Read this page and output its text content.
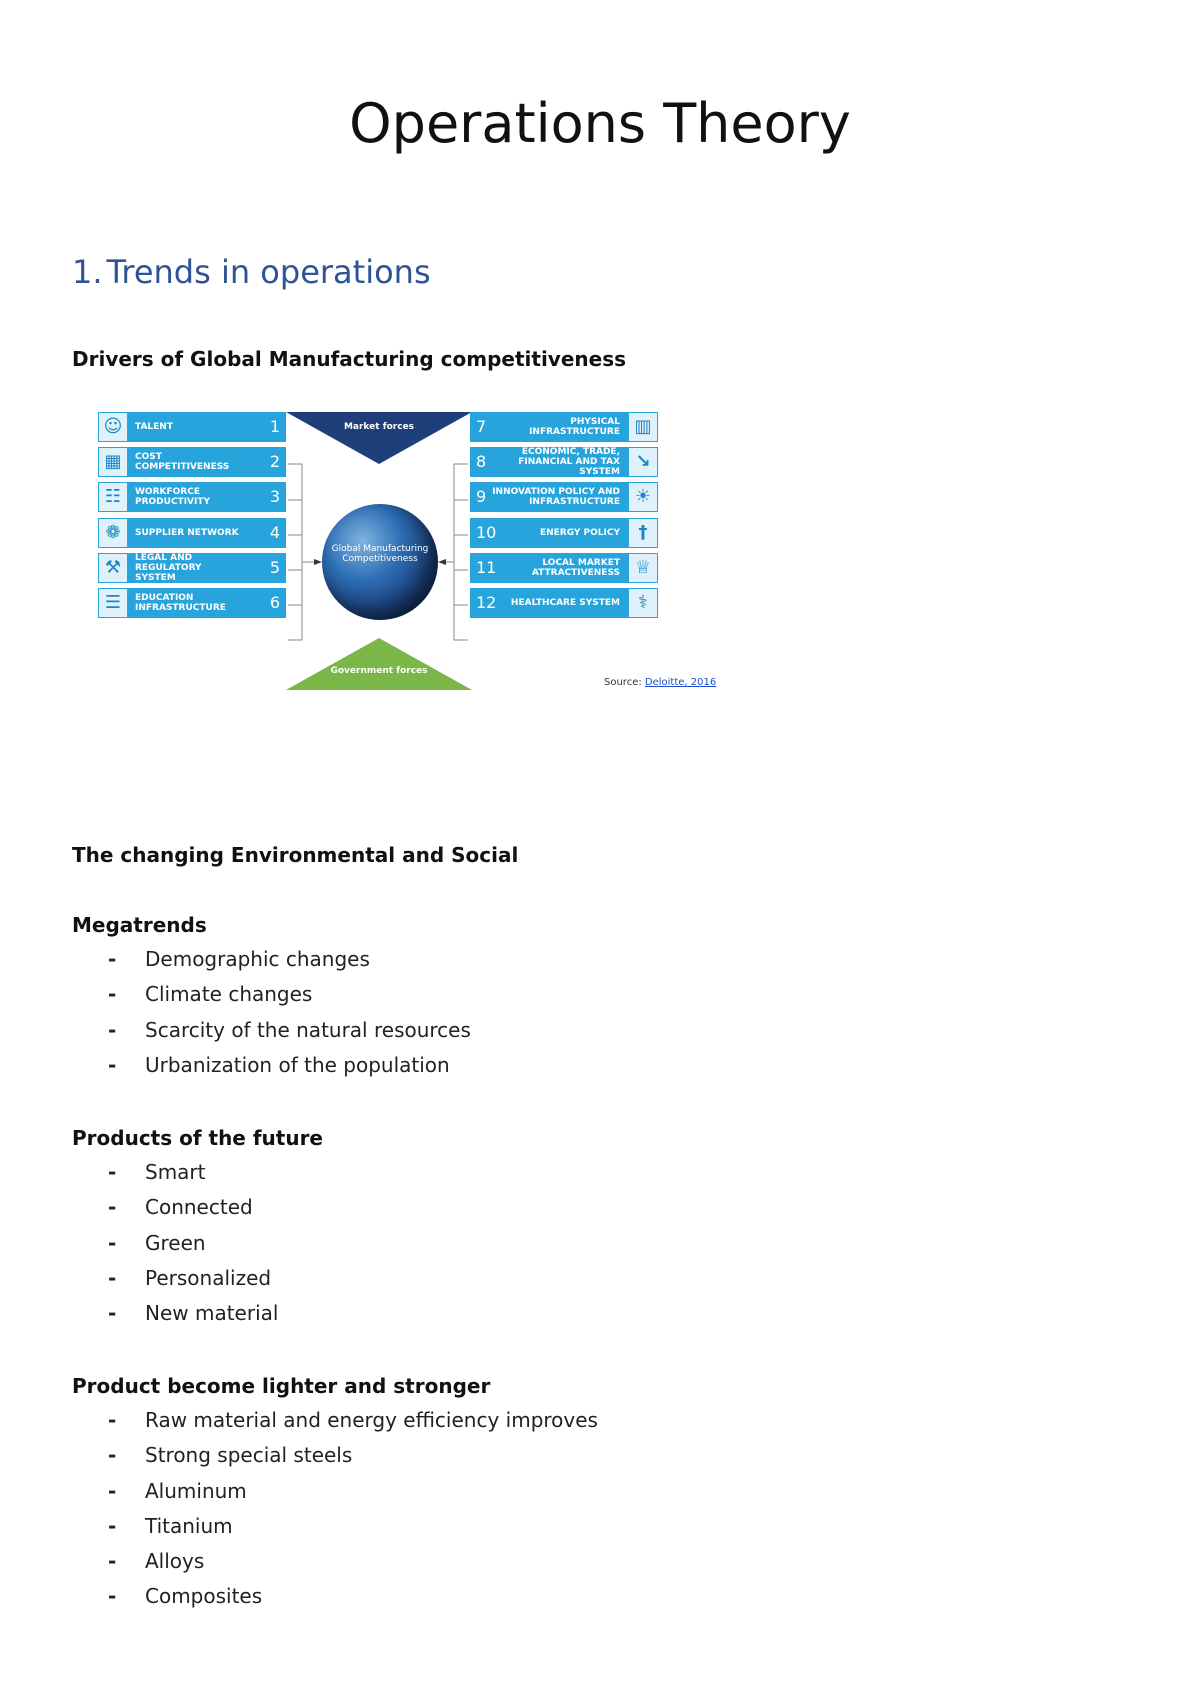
Operations Theory
1. Trends in operations
Drivers of Global Manufacturing competitiveness
Market forces
Government forces
Global Manufacturing
Competitiveness
☺	TALENT	1
▦	COST
COMPETITIVENESS	2
☷	WORKFORCE
PRODUCTIVITY	3
❁	SUPPLIER NETWORK	4
⚒	LEGAL AND REGULATORY
SYSTEM
5
☰	EDUCATION
INFRASTRUCTURE	6
▥
PHYSICAL
INFRASTRUCTURE
7
↘
ECONOMIC, TRADE,
FINANCIAL AND TAX SYSTEM
8
☀
INNOVATION POLICY AND
INFRASTRUCTURE
9
†
ENERGY POLICY
10
♕
LOCAL MARKET
ATTRACTIVENESS
11
⚕
HEALTHCARE SYSTEM
12
Source: Deloitte, 2016
The changing Environmental and Social
Megatrends
- Demographic changes
- Climate changes
- Scarcity of the natural resources
- Urbanization of the population
Products of the future
- Smart
- Connected
- Green
- Personalized
- New material
Product become lighter and stronger
- Raw material and energy efficiency improves
- Strong special steels
- Aluminum
- Titanium
- Alloys
- Composites
